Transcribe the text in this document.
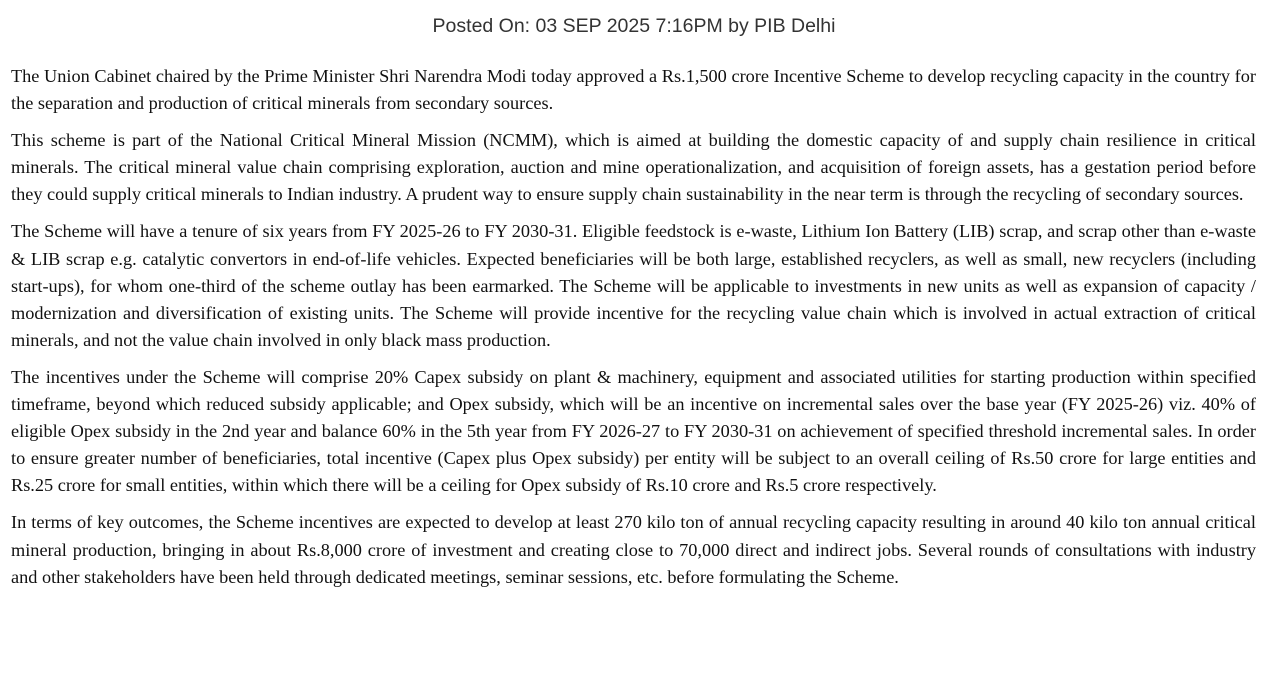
Posted On: 03 SEP 2025 7:16PM by PIB Delhi

The Union Cabinet chaired by the Prime Minister Shri Narendra Modi today approved a Rs.1,500 crore Incentive Scheme to develop recycling capacity in the country for the separation and production of critical minerals from secondary sources.

This scheme is part of the National Critical Mineral Mission (NCMM), which is aimed at building the domestic capacity of and supply chain resilience in critical minerals. The critical mineral value chain comprising exploration, auction and mine operationalization, and acquisition of foreign assets, has a gestation period before they could supply critical minerals to Indian industry. A prudent way to ensure supply chain sustainability in the near term is through the recycling of secondary sources.

The Scheme will have a tenure of six years from FY 2025-26 to FY 2030-31. Eligible feedstock is e-waste, Lithium Ion Battery (LIB) scrap, and scrap other than e-waste & LIB scrap e.g. catalytic convertors in end-of-life vehicles. Expected beneficiaries will be both large, established recyclers, as well as small, new recyclers (including start-ups), for whom one-third of the scheme outlay has been earmarked. The Scheme will be applicable to investments in new units as well as expansion of capacity / modernization and diversification of existing units. The Scheme will provide incentive for the recycling value chain which is involved in actual extraction of critical minerals, and not the value chain involved in only black mass production.

The incentives under the Scheme will comprise 20% Capex subsidy on plant & machinery, equipment and associated utilities for starting production within specified timeframe, beyond which reduced subsidy applicable; and Opex subsidy, which will be an incentive on incremental sales over the base year (FY 2025-26) viz. 40% of eligible Opex subsidy in the 2nd year and balance 60% in the 5th year from FY 2026-27 to FY 2030-31 on achievement of specified threshold incremental sales. In order to ensure greater number of beneficiaries, total incentive (Capex plus Opex subsidy) per entity will be subject to an overall ceiling of Rs.50 crore for large entities and Rs.25 crore for small entities, within which there will be a ceiling for Opex subsidy of Rs.10 crore and Rs.5 crore respectively.

In terms of key outcomes, the Scheme incentives are expected to develop at least 270 kilo ton of annual recycling capacity resulting in around 40 kilo ton annual critical mineral production, bringing in about Rs.8,000 crore of investment and creating close to 70,000 direct and indirect jobs. Several rounds of consultations with industry and other stakeholders have been held through dedicated meetings, seminar sessions, etc. before formulating the Scheme.
